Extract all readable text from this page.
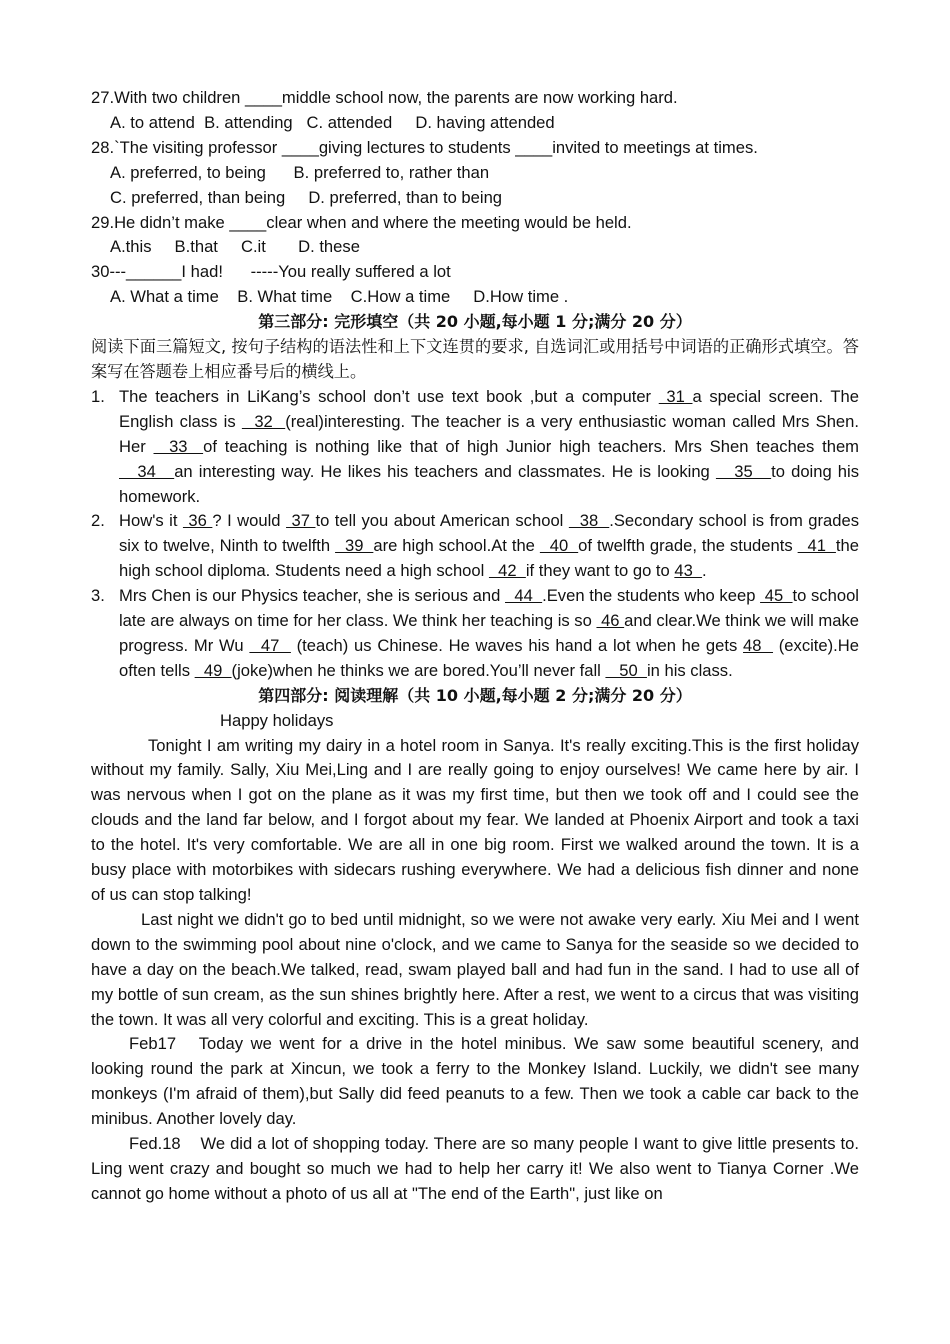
27.With two children ____middle school now, the parents are now working hard.
A. to attend  B. attending   C. attended     D. having attended
28.`The visiting professor ____giving lectures to students ____invited to meetings at times.
A. preferred, to being      B. preferred to, rather than
C. preferred, than being     D. preferred, than to being
29.He didn’t make ____clear when and where the meeting would be held.
A.this     B.that     C.it       D. these
30---______I had!      -----You really suffered a lot
A. What a time    B. What time    C.How a time     D.How time .
第三部分: 完形填空（共 20 小题,每小题 1 分;满分 20 分）
阅读下面三篇短文, 按句子结构的语法性和上下文连贯的要求, 自选词汇或用括号中词语的正确形式填空。答案写在答题卷上相应番号后的横线上。
1. The teachers in LiKang’s school don’t use text book ,but a computer  31 a special screen. The English class is   32  (real)interesting. The teacher is a very enthusiastic woman called Mrs Shen. Her   33  of teaching is nothing like that of high Junior high teachers. Mrs Shen teaches them    34   an interesting way. He likes his teachers and classmates. He is looking    35   to doing his homework.
2. How's it  36 ? I would  37 to tell you about American school   38  .Secondary school is from grades six to twelve, Ninth to twelfth   39  are high school.At the   40  of twelfth grade, the students   41  the high school diploma. Students need a high school   42  if they want to go to 43  .
3. Mrs Chen is our Physics teacher, she is serious and   44  .Even the students who keep  45  to school late are always on time for her class. We think her teaching is so  46 and clear.We think we will make progress. Mr Wu   47   (teach) us Chinese. He waves his hand a lot when he gets 48   (excite).He often tells   49  (joke)when he thinks we are bored.You’ll never fall    50  in his class.
第四部分: 阅读理解（共 10 小题,每小题 2 分;满分 20 分）
Happy holidays
Tonight I am writing my dairy in a hotel room in Sanya. It's really exciting.This is the first holiday without my family. Sally, Xiu Mei,Ling and I are really going to enjoy ourselves! We came here by air. I was nervous when I got on the plane as it was my first time, but then we took off and I could see the clouds and the land far below, and I forgot about my fear. We landed at Phoenix Airport and took a taxi to the hotel. It's very comfortable. We are all in one big room. First we walked around the town. It is a busy place with motorbikes with sidecars rushing everywhere. We had a delicious fish dinner and none of us can stop talking!
Last night we didn't go to bed until midnight, so we were not awake very early. Xiu Mei and I went down to the swimming pool about nine o'clock, and we came to Sanya for the seaside so we decided to have a day on the beach.We talked, read, swam played ball and had fun in the sand. I had to use all of my bottle of sun cream, as the sun shines brightly here. After a rest, we went to a circus that was visiting the town. It was all very colorful and exciting. This is a great holiday.
Feb17   Today we went for a drive in the hotel minibus. We saw some beautiful scenery, and looking round the park at Xincun, we took a ferry to the Monkey Island. Luckily, we didn't see many monkeys (I'm afraid of them),but Sally did feed peanuts to a few. Then we took a cable car back to the minibus. Another lovely day.
Fed.18    We did a lot of shopping today. There are so many people I want to give little presents to. Ling went crazy and bought so much we had to help her carry it! We also went to Tianya Corner .We cannot go home without a photo of us all at "The end of the Earth", just like on
